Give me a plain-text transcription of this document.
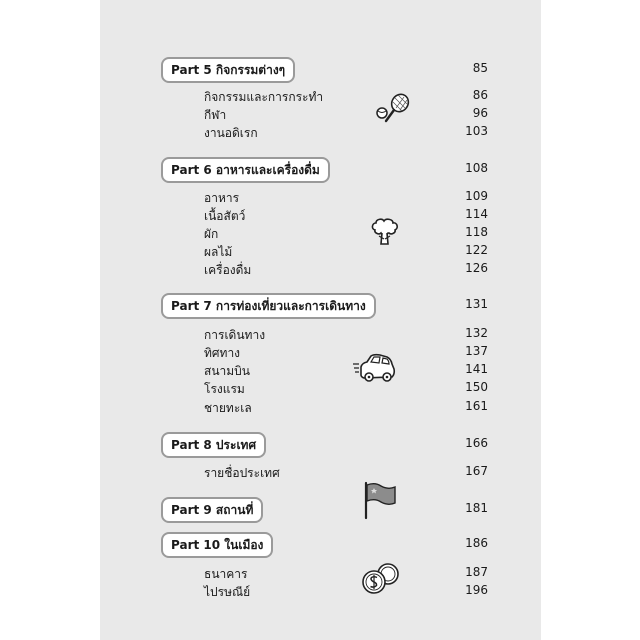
Part 5 กิจกรรมต่างๆ	85
กิจกรรมและการกระทำ	86
กีฬา	96
งานอดิเรก	103
Part 6 อาหารและเครื่องดื่ม	108
อาหาร	109
เนื้อสัตว์	114
ผัก	118
ผลไม้	122
เครื่องดื่ม	126
Part 7 การท่องเที่ยวและการเดินทาง	131
การเดินทาง	132
ทิศทาง	137
สนามบิน	141
โรงแรม	150
ชายทะเล	161
Part 8 ประเทศ	166
รายชื่อประเทศ	167
Part 9 สถานที่	181
Part 10 ในเมือง	186
ธนาคาร	187
ไปรษณีย์	196
